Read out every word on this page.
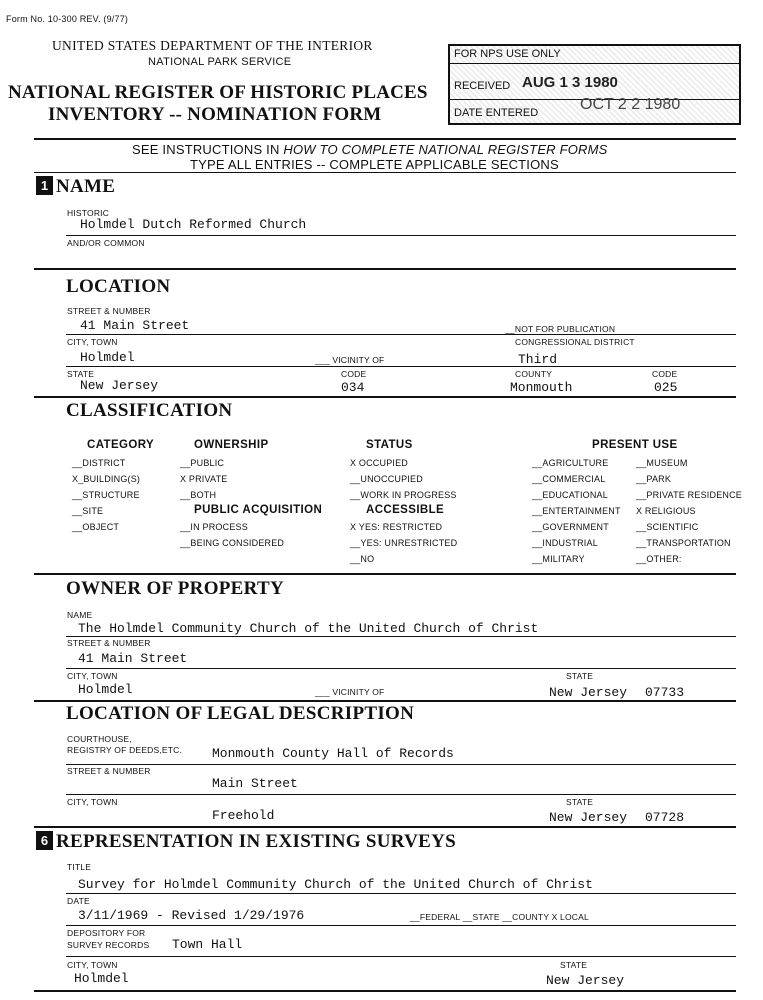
Form No. 10-300 REV. (9/77)
UNITED STATES DEPARTMENT OF THE INTERIOR
NATIONAL PARK SERVICE
NATIONAL REGISTER OF HISTORIC PLACES
INVENTORY -- NOMINATION FORM
FOR NPS USE ONLY
RECEIVED AUG 1 3 1980
DATE ENTERED	OCT 2 2 1980
SEE INSTRUCTIONS IN HOW TO COMPLETE NATIONAL REGISTER FORMS
TYPE ALL ENTRIES -- COMPLETE APPLICABLE SECTIONS
1 NAME
HISTORIC
Holmdel Dutch Reformed Church
AND/OR COMMON
LOCATION
STREET & NUMBER
41 Main Street	__NOT FOR PUBLICATION
CITY, TOWN	CONGRESSIONAL DISTRICT
Holmdel	___ VICINITY OF	Third
STATE	CODE	COUNTY	CODE
New Jersey	034	Monmouth	025
CLASSIFICATION
CATEGORY
__DISTRICT
X_BUILDING(S)
__STRUCTURE
__SITE
__OBJECT
OWNERSHIP
__PUBLIC
X PRIVATE
__BOTH
PUBLIC ACQUISITION
__IN PROCESS
__BEING CONSIDERED
STATUS
X OCCUPIED
__UNOCCUPIED
__WORK IN PROGRESS
ACCESSIBLE
X YES: RESTRICTED
__YES: UNRESTRICTED
__NO
PRESENT USE
__AGRICULTURE
__COMMERCIAL
__EDUCATIONAL
__ENTERTAINMENT
__GOVERNMENT
__INDUSTRIAL
__MILITARY
__MUSEUM
__PARK
__PRIVATE RESIDENCE
X RELIGIOUS
__SCIENTIFIC
__TRANSPORTATION
__OTHER:
OWNER OF PROPERTY
NAME
The Holmdel Community Church of the United Church of Christ
STREET & NUMBER
41 Main Street
CITY, TOWN	STATE
Holmdel	___ VICINITY OF	New Jersey 07733
LOCATION OF LEGAL DESCRIPTION
COURTHOUSE,
REGISTRY OF DEEDS,ETC. Monmouth County Hall of Records
STREET & NUMBER
Main Street
CITY, TOWN	STATE
Freehold	New Jersey 07728
6 REPRESENTATION IN EXISTING SURVEYS
TITLE
Survey for Holmdel Community Church of the United Church of Christ
DATE
3/11/1969 - Revised 1/29/1976	__FEDERAL __STATE __COUNTY X LOCAL
DEPOSITORY FOR
SURVEY RECORDS Town Hall
CITY, TOWN	STATE
Holmdel	New Jersey
